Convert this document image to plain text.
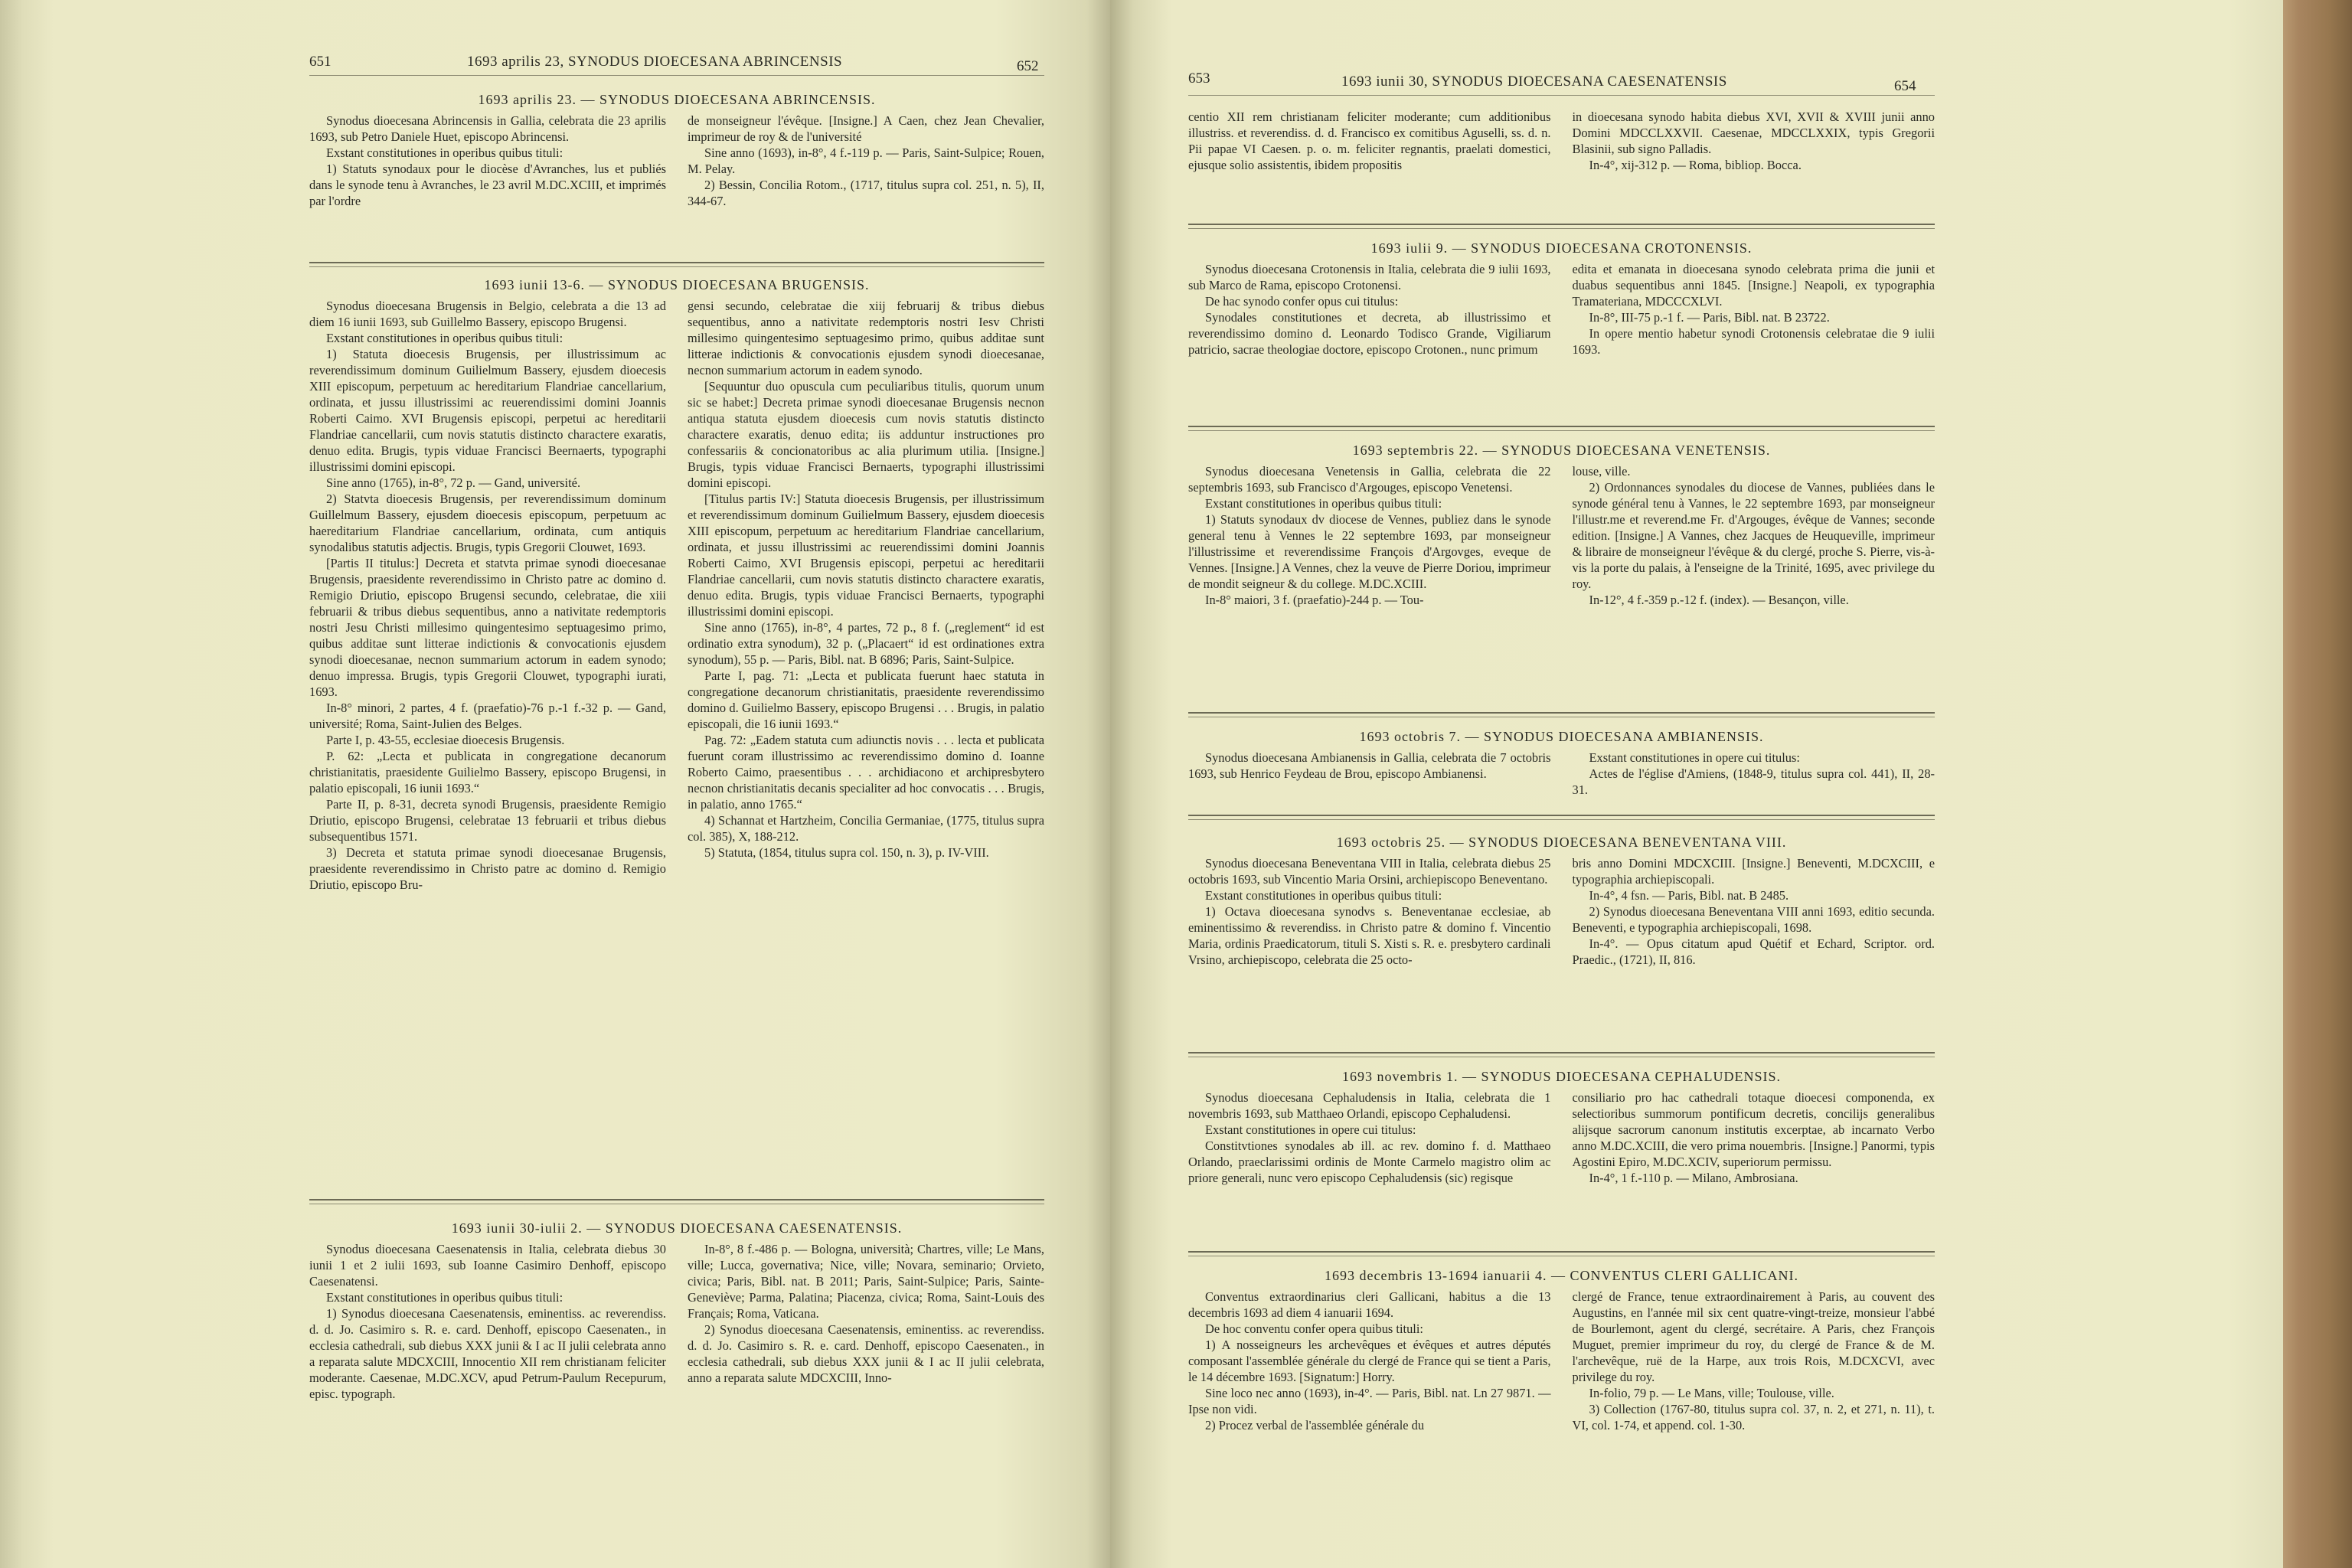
651	1693 aprilis 23, SYNODUS DIOECESANA ABRINCENSIS	652
1693 aprilis 23. — SYNODUS DIOECESANA ABRINCENSIS.

Synodus dioecesana Abrincensis in Gallia, celebrata die 23 aprilis 1693, sub Petro Daniele Huet, episcopo Abrincensi.

Exstant constitutiones in operibus quibus tituli:

1) Statuts synodaux pour le diocèse d'Avranches, lus et publiés dans le synode tenu à Avranches, le 23 avril M.DC.XCIII, et imprimés par l'ordre

de monseigneur l'évêque. [Insigne.] A Caen, chez Jean Chevalier, imprimeur de roy & de l'université

Sine anno (1693), in-8°, 4 f.-119 p. — Paris, Saint-Sulpice; Rouen, M. Pelay.

2) Bessin, Concilia Rotom., (1717, titulus supra col. 251, n. 5), II, 344-67.

1693 iunii 13-6. — SYNODUS DIOECESANA BRUGENSIS.

Synodus dioecesana Brugensis in Belgio, celebrata a die 13 ad diem 16 iunii 1693, sub Guillelmo Bassery, episcopo Brugensi.

Exstant constitutiones in operibus quibus tituli:

1) Statuta dioecesis Brugensis, per illustrissimum ac reverendissimum dominum Guilielmum Bassery, ejusdem dioecesis XIII episcopum, perpetuum ac hereditarium Flandriae cancellarium, ordinata, et jussu illustrissimi ac reuerendissimi domini Joannis Roberti Caimo. XVI Brugensis episcopi, perpetui ac hereditarii Flandriae cancellarii, cum novis statutis distincto charactere exaratis, denuo edita. Brugis, typis viduae Francisci Beernaerts, typographi illustrissimi domini episcopi.

Sine anno (1765), in-8°, 72 p. — Gand, université.

2) Statvta dioecesis Brugensis, per reverendissimum dominum Guillelmum Bassery, ejusdem dioecesis episcopum, perpetuum ac haereditarium Flandriae cancellarium, ordinata, cum antiquis synodalibus statutis adjectis. Brugis, typis Gregorii Clouwet, 1693.

[Partis II titulus:] Decreta et statvta primae synodi dioecesanae Brugensis, praesidente reverendissimo in Christo patre ac domino d. Remigio Driutio, episcopo Brugensi secundo, celebratae, die xiii februarii & tribus diebus sequentibus, anno a nativitate redemptoris nostri Jesu Christi millesimo quingentesimo septuagesimo primo, quibus additae sunt litterae indictionis & convocationis ejusdem synodi dioecesanae, necnon summarium actorum in eadem synodo; denuo impressa. Brugis, typis Gregorii Clouwet, typographi iurati, 1693.

In-8° minori, 2 partes, 4 f. (praefatio)-76 p.-1 f.-32 p. — Gand, université; Roma, Saint-Julien des Belges.

Parte I, p. 43-55, ecclesiae dioecesis Brugensis.

P. 62: „Lecta et publicata in congregatione decanorum christianitatis, praesidente Guilielmo Bassery, episcopo Brugensi, in palatio episcopali, 16 iunii 1693.“

Parte II, p. 8-31, decreta synodi Brugensis, praesidente Remigio Driutio, episcopo Brugensi, celebratae 13 februarii et tribus diebus subsequentibus 1571.

3) Decreta et statuta primae synodi dioecesanae Brugensis, praesidente reverendissimo in Christo patre ac domino d. Remigio Driutio, episcopo Bru-

gensi secundo, celebratae die xiij februarij & tribus diebus sequentibus, anno a nativitate redemptoris nostri Iesv Christi millesimo quingentesimo septuagesimo primo, quibus additae sunt litterae indictionis & convocationis ejusdem synodi dioecesanae, necnon summarium actorum in eadem synodo.

[Sequuntur duo opuscula cum peculiaribus titulis, quorum unum sic se habet:] Decreta primae synodi dioecesanae Brugensis necnon antiqua statuta ejusdem dioecesis cum novis statutis distincto charactere exaratis, denuo edita; iis adduntur instructiones pro confessariis & concionatoribus ac alia plurimum utilia. [Insigne.] Brugis, typis viduae Francisci Bernaerts, typographi illustrissimi domini episcopi.

[Titulus partis IV:] Statuta dioecesis Brugensis, per illustrissimum et reverendissimum dominum Guilielmum Bassery, ejusdem dioecesis XIII episcopum, perpetuum ac hereditarium Flandriae cancellarium, ordinata, et jussu illustrissimi ac reuerendissimi domini Joannis Roberti Caimo, XVI Brugensis episcopi, perpetui ac hereditarii Flandriae cancellarii, cum novis statutis distincto charactere exaratis, denuo edita. Brugis, typis viduae Francisci Bernaerts, typographi illustrissimi domini episcopi.

Sine anno (1765), in-8°, 4 partes, 72 p., 8 f. („reglement“ id est ordinatio extra synodum), 32 p. („Placaert“ id est ordinationes extra synodum), 55 p. — Paris, Bibl. nat. B 6896; Paris, Saint-Sulpice.

Parte I, pag. 71: „Lecta et publicata fuerunt haec statuta in congregatione decanorum christianitatis, praesidente reverendissimo domino d. Guilielmo Bassery, episcopo Brugensi . . . Brugis, in palatio episcopali, die 16 iunii 1693.“

Pag. 72: „Eadem statuta cum adiunctis novis . . . lecta et publicata fuerunt coram illustrissimo ac reverendissimo domino d. Ioanne Roberto Caimo, praesentibus . . . archidiacono et archipresbytero necnon christianitatis decanis specialiter ad hoc convocatis . . . Brugis, in palatio, anno 1765.“

4) Schannat et Hartzheim, Concilia Germaniae, (1775, titulus supra col. 385), X, 188-212.

5) Statuta, (1854, titulus supra col. 150, n. 3), p. IV-VIII.

1693 iunii 30-iulii 2. — SYNODUS DIOECESANA CAESENATENSIS.

Synodus dioecesana Caesenatensis in Italia, celebrata diebus 30 iunii 1 et 2 iulii 1693, sub Ioanne Casimiro Denhoff, episcopo Caesenatensi.

Exstant constitutiones in operibus quibus tituli:

1) Synodus dioecesana Caesenatensis, eminentiss. ac reverendiss. d. d. Jo. Casimiro s. R. e. card. Denhoff, episcopo Caesenaten., in ecclesia cathedrali, sub diebus XXX junii & I ac II julii celebrata anno a reparata salute MDCXCIII, Innocentio XII rem christianam feliciter moderante. Caesenae, M.DC.XCV, apud Petrum-Paulum Recepurum, episc. typograph.

In-8°, 8 f.-486 p. — Bologna, università; Chartres, ville; Le Mans, ville; Lucca, governativa; Nice, ville; Novara, seminario; Orvieto, civica; Paris, Bibl. nat. B 2011; Paris, Saint-Sulpice; Paris, Sainte-Geneviève; Parma, Palatina; Piacenza, civica; Roma, Saint-Louis des Français; Roma, Vaticana.

2) Synodus dioecesana Caesenatensis, eminentiss. ac reverendiss. d. d. Jo. Casimiro s. R. e. card. Denhoff, episcopo Caesenaten., in ecclesia cathedrali, sub diebus XXX junii & I ac II julii celebrata, anno a reparata salute MDCXCIII, Inno-

653	1693 iunii 30, SYNODUS DIOECESANA CAESENATENSIS	654

centio XII rem christianam feliciter moderante; cum additionibus illustriss. et reverendiss. d. d. Francisco ex comitibus Aguselli, ss. d. n. Pii papae VI Caesen. p. o. m. feliciter regnantis, praelati domestici, ejusque solio assistentis, ibidem propositis

in dioecesana synodo habita diebus XVI, XVII & XVIII junii anno Domini MDCCLXXVII. Caesenae, MDCCLXXIX, typis Gregorii Blasinii, sub signo Palladis.

In-4°, xij-312 p. — Roma, bibliop. Bocca.

1693 iulii 9. — SYNODUS DIOECESANA CROTONENSIS.

Synodus dioecesana Crotonensis in Italia, celebrata die 9 iulii 1693, sub Marco de Rama, episcopo Crotonensi.

De hac synodo confer opus cui titulus:

Synodales constitutiones et decreta, ab illustrissimo et reverendissimo domino d. Leonardo Todisco Grande, Vigiliarum patricio, sacrae theologiae doctore, episcopo Crotonen., nunc primum

edita et emanata in dioecesana synodo celebrata prima die junii et duabus sequentibus anni 1845. [Insigne.] Neapoli, ex typographia Tramateriana, MDCCCXLVI.

In-8°, III-75 p.-1 f. — Paris, Bibl. nat. B 23722.

In opere mentio habetur synodi Crotonensis celebratae die 9 iulii 1693.

1693 septembris 22. — SYNODUS DIOECESANA VENETENSIS.

Synodus dioecesana Venetensis in Gallia, celebrata die 22 septembris 1693, sub Francisco d'Argouges, episcopo Venetensi.

Exstant constitutiones in operibus quibus tituli:

1) Statuts synodaux dv diocese de Vennes, publiez dans le synode general tenu à Vennes le 22 septembre 1693, par monseigneur l'illustrissime et reverendissime François d'Argovges, eveque de Vennes. [Insigne.] A Vennes, chez la veuve de Pierre Doriou, imprimeur de mondit seigneur & du college. M.DC.XCIII.

In-8° maiori, 3 f. (praefatio)-244 p. — Tou-

louse, ville.

2) Ordonnances synodales du diocese de Vannes, publiées dans le synode général tenu à Vannes, le 22 septembre 1693, par monseigneur l'illustr.me et reverend.me Fr. d'Argouges, évêque de Vannes; seconde edition. [Insigne.] A Vannes, chez Jacques de Heuqueville, imprimeur & libraire de monseigneur l'évêque & du clergé, proche S. Pierre, vis-à-vis la porte du palais, à l'enseigne de la Trinité, 1695, avec privilege du roy.

In-12°, 4 f.-359 p.-12 f. (index). — Besançon, ville.

1693 octobris 7. — SYNODUS DIOECESANA AMBIANENSIS.

Synodus dioecesana Ambianensis in Gallia, celebrata die 7 octobris 1693, sub Henrico Feydeau de Brou, episcopo Ambianensi.

Exstant constitutiones in opere cui titulus:

Actes de l'église d'Amiens, (1848-9, titulus supra col. 441), II, 28-31.

1693 octobris 25. — SYNODUS DIOECESANA BENEVENTANA VIII.

Synodus dioecesana Beneventana VIII in Italia, celebrata diebus 25 octobris 1693, sub Vincentio Maria Orsini, archiepiscopo Beneventano.

Exstant constitutiones in operibus quibus tituli:

1) Octava dioecesana synodvs s. Beneventanae ecclesiae, ab eminentissimo & reverendiss. in Christo patre & domino f. Vincentio Maria, ordinis Praedicatorum, tituli S. Xisti s. R. e. presbytero cardinali Vrsino, archiepiscopo, celebrata die 25 octo-

bris anno Domini MDCXCIII. [Insigne.] Beneventi, M.DCXCIII, e typographia archiepiscopali.

In-4°, 4 fsn. — Paris, Bibl. nat. B 2485.

2) Synodus dioecesana Beneventana VIII anni 1693, editio secunda. Beneventi, e typographia archiepiscopali, 1698.

In-4°. — Opus citatum apud Quétif et Echard, Scriptor. ord. Praedic., (1721), II, 816.

1693 novembris 1. — SYNODUS DIOECESANA CEPHALUDENSIS.

Synodus dioecesana Cephaludensis in Italia, celebrata die 1 novembris 1693, sub Matthaeo Orlandi, episcopo Cephaludensi.

Exstant constitutiones in opere cui titulus:

Constitvtiones synodales ab ill. ac rev. domino f. d. Matthaeo Orlando, praeclarissimi ordinis de Monte Carmelo magistro olim ac priore generali, nunc vero episcopo Cephaludensis (sic) regisque

consiliario pro hac cathedrali totaque dioecesi componenda, ex selectioribus summorum pontificum decretis, concilijs generalibus alijsque sacrorum canonum institutis excerptae, ab incarnato Verbo anno M.DC.XCIII, die vero prima nouembris. [Insigne.] Panormi, typis Agostini Epiro, M.DC.XCIV, superiorum permissu.

In-4°, 1 f.-110 p. — Milano, Ambrosiana.

1693 decembris 13-1694 ianuarii 4. — CONVENTUS CLERI GALLICANI.

Conventus extraordinarius cleri Gallicani, habitus a die 13 decembris 1693 ad diem 4 ianuarii 1694.

De hoc conventu confer opera quibus tituli:

1) A nosseigneurs les archevêques et évêques et autres députés composant l'assemblée générale du clergé de France qui se tient a Paris, le 14 décembre 1693. [Signatum:] Horry.

Sine loco nec anno (1693), in-4°. — Paris, Bibl. nat. Ln 27 9871. — Ipse non vidi.

2) Procez verbal de l'assemblée générale du

clergé de France, tenue extraordinairement à Paris, au couvent des Augustins, en l'année mil six cent quatre-vingt-treize, monsieur l'abbé de Bourlemont, agent du clergé, secrétaire. A Paris, chez François Muguet, premier imprimeur du roy, du clergé de France & de M. l'archevêque, ruë de la Harpe, aux trois Rois, M.DCXCVI, avec privilege du roy.

In-folio, 79 p. — Le Mans, ville; Toulouse, ville.

3) Collection (1767-80, titulus supra col. 37, n. 2, et 271, n. 11), t. VI, col. 1-74, et append. col. 1-30.
